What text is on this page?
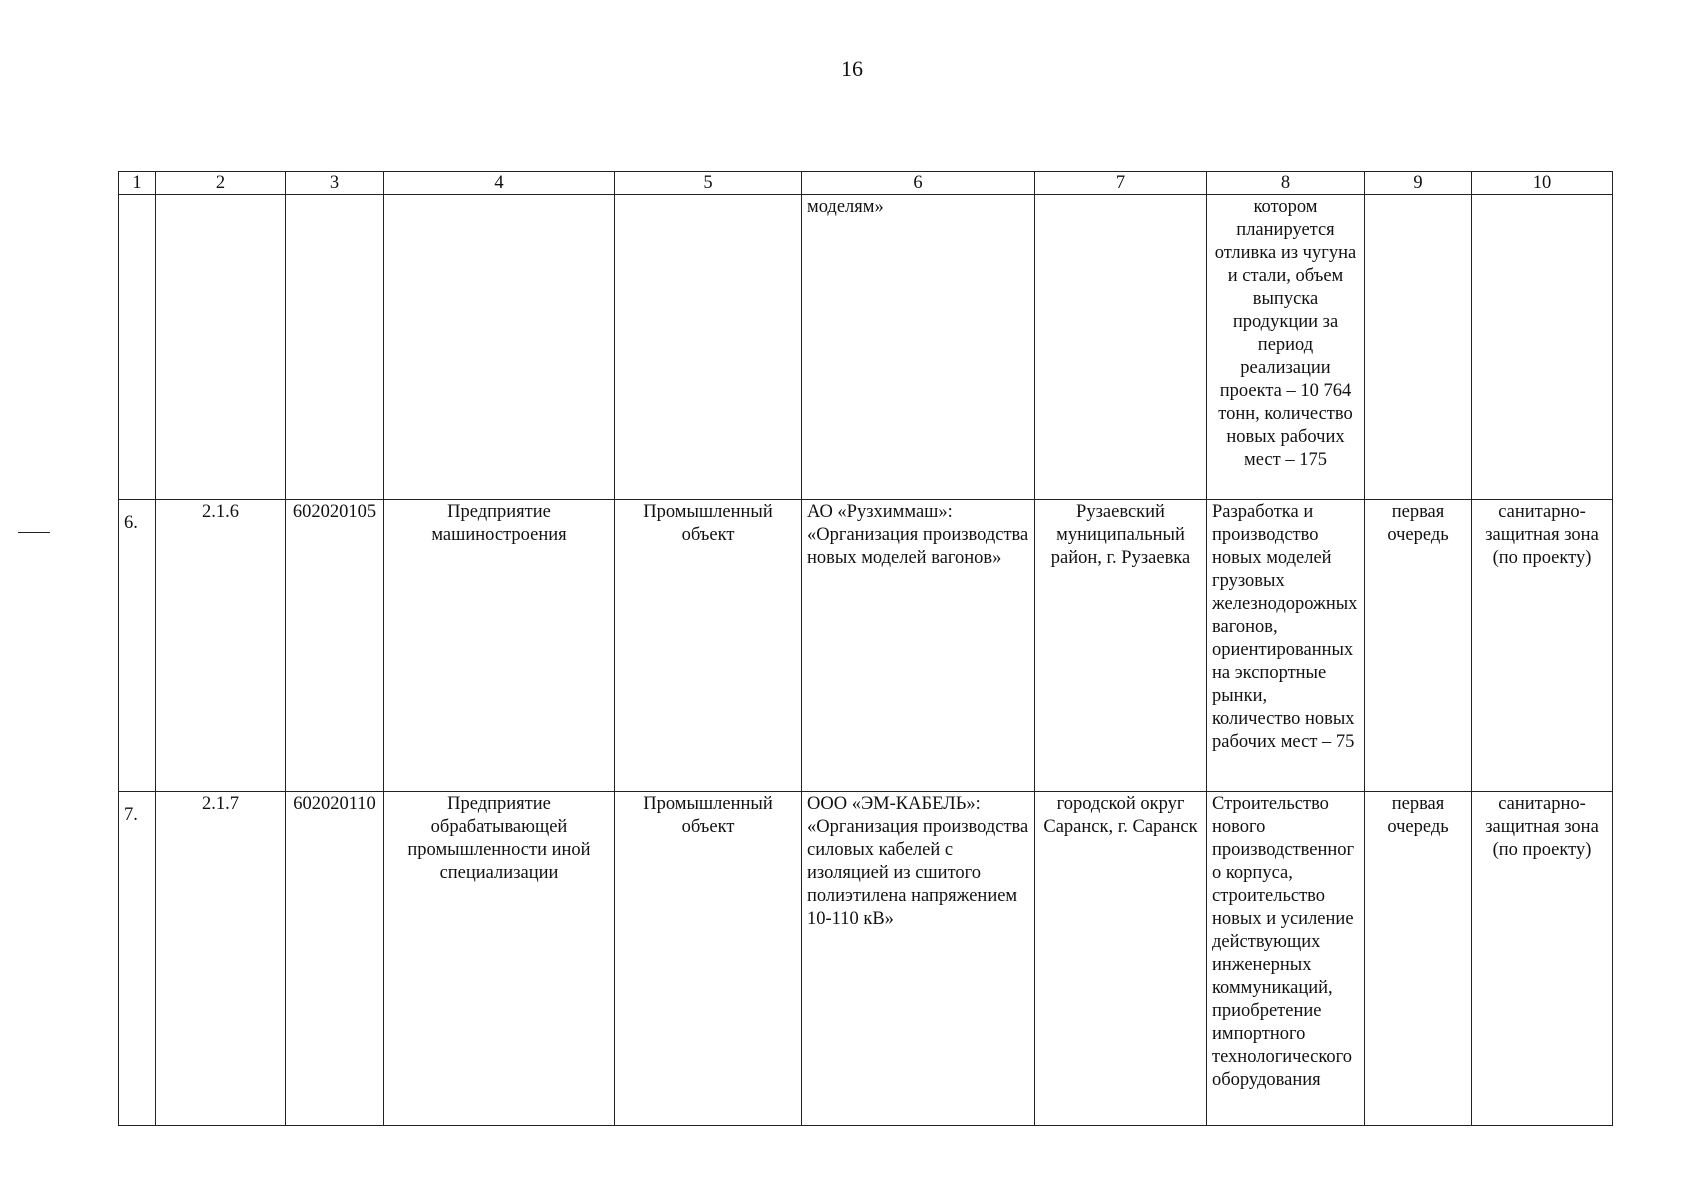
16
1	2	3	4	5	6	7	8	9	10
					моделям»		котором планируется отливка из чугуна и стали, объем выпуска продукции за период реализации проекта – 10 764 тонн, количество новых рабочих мест – 175		
6.	2.1.6	602020105	Предприятие машиностроения	Промышленный объект	АО «Рузхиммаш»: «Организация производства новых моделей вагонов»	Рузаевский муниципальный район, г. Рузаевка	Разработка и производство новых моделей грузовых железнодорожных вагонов, ориентированных на экспортные рынки, количество новых рабочих мест – 75	первая очередь	санитарно-защитная зона (по проекту)
7.	2.1.7	602020110	Предприятие обрабатывающей промышленности иной специализации	Промышленный объект	ООО «ЭМ-КАБЕЛЬ»: «Организация производства силовых кабелей с изоляцией из сшитого полиэтилена напряжением 10-110 кВ»	городской округ Саранск, г. Саранск	Строительство нового производственного корпуса, строительство новых и усиление действующих инженерных коммуникаций, приобретение импортного технологического оборудования	первая очередь	санитарно-защитная зона (по проекту)
